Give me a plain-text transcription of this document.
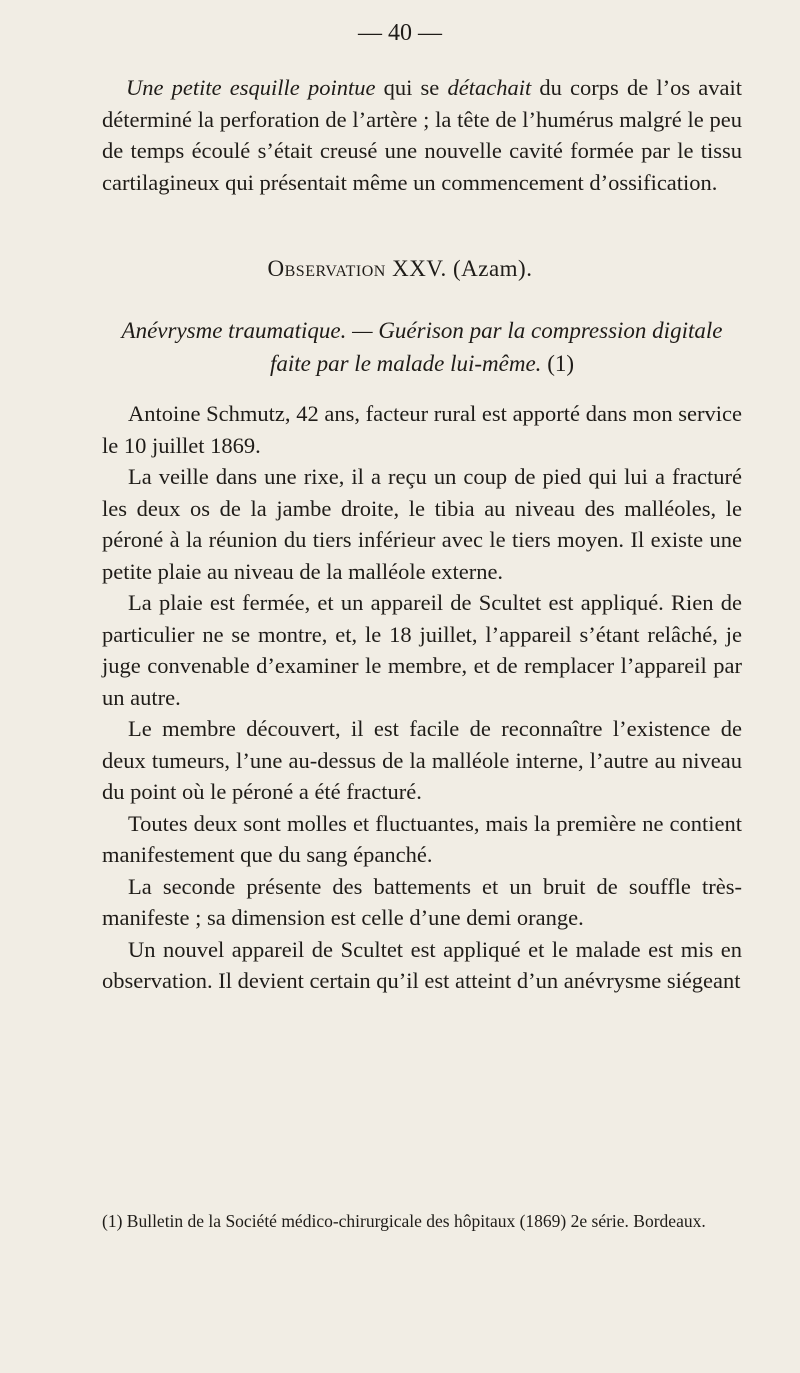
— 40 —

Une petite esquille pointue qui se détachait du corps de l’os avait déterminé la perforation de l’artère ; la tête de l’humérus malgré le peu de temps écoulé s’était creusé une nouvelle cavité formée par le tissu cartilagineux qui présentait même un commencement d’ossification.

Observation XXV. (Azam).
Anévrysme traumatique. — Guérison par la compression digitale faite par le malade lui-même. (1)

Antoine Schmutz, 42 ans, facteur rural est apporté dans mon service le 10 juillet 1869.

La veille dans une rixe, il a reçu un coup de pied qui lui a fracturé les deux os de la jambe droite, le tibia au niveau des malléoles, le péroné à la réunion du tiers inférieur avec le tiers moyen. Il existe une petite plaie au niveau de la malléole externe.

La plaie est fermée, et un appareil de Scultet est appliqué. Rien de particulier ne se montre, et, le 18 juillet, l’appareil s’étant relâché, je juge convenable d’examiner le membre, et de remplacer l’appareil par un autre.

Le membre découvert, il est facile de reconnaître l’existence de deux tumeurs, l’une au-dessus de la malléole interne, l’autre au niveau du point où le péroné a été fracturé.

Toutes deux sont molles et fluctuantes, mais la première ne contient manifestement que du sang épanché.

La seconde présente des battements et un bruit de souffle très-manifeste ; sa dimension est celle d’une demi orange.

Un nouvel appareil de Scultet est appliqué et le malade est mis en observation. Il devient certain qu’il est atteint d’un anévrysme siégeant

(1) Bulletin de la Société médico-chirurgicale des hôpitaux (1869) 2e série. Bordeaux.
